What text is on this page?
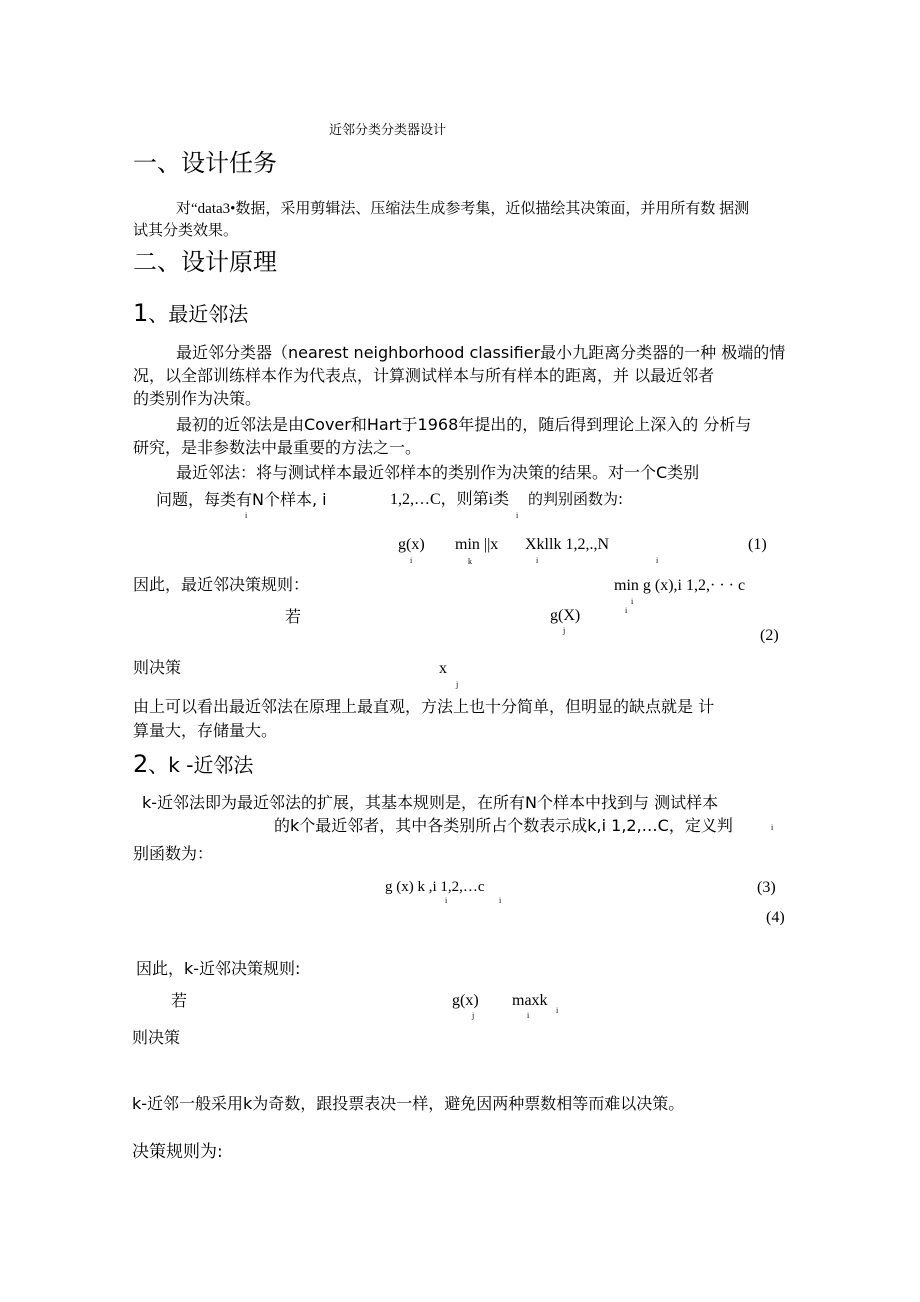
近邻分类分类器设计
一、设计任务
对“data3•数据，采用剪辑法、压缩法生成参考集，近似描绘其决策面，并用所有数 据测
试其分类效果。
二、设计原理
1、最近邻法
最近邻分类器（nearest neighborhood classifier最小九距离分类器的一种 极端的情
况，以全部训练样本作为代表点，计算测试样本与所有样本的距离，并 以最近邻者
的类别作为决策。
最初的近邻法是由Cover和Hart于1968年提出的，随后得到理论上深入的 分析与
研究，是非参数法中最重要的方法之一。
最近邻法：将与测试样本最近邻样本的类别作为决策的结果。对一个C类别
问题，每类有N个样本, i
i
1,2,…C，则第i类
i
的判别函数为:
g(x)
i
min ||x
k
Xkllk 1,2,.,N
i	i
(1)
因此，最近邻决策规则：	min g (x),i 1,2,· · · c
i
i
若	g(X)
j	(2)
则决策	x
j
由上可以看出最近邻法在原理上最直观，方法上也十分简单，但明显的缺点就是 计
算量大，存储量大。
2、k -近邻法
k-近邻法即为最近邻法的扩展，其基本规则是，在所有N个样本中找到与 测试样本
的k个最近邻者，其中各类别所占个数表示成k,i 1,2,…C，定义判	i
别函数为：
g (x) k ,i 1,2,…c
i	i
(3)
(4)
因此，k-近邻决策规则:
若	g(x)
j
maxk
i
i
则决策
k-近邻一般采用k为奇数，跟投票表决一样，避免因两种票数相等而难以决策。
决策规则为:
